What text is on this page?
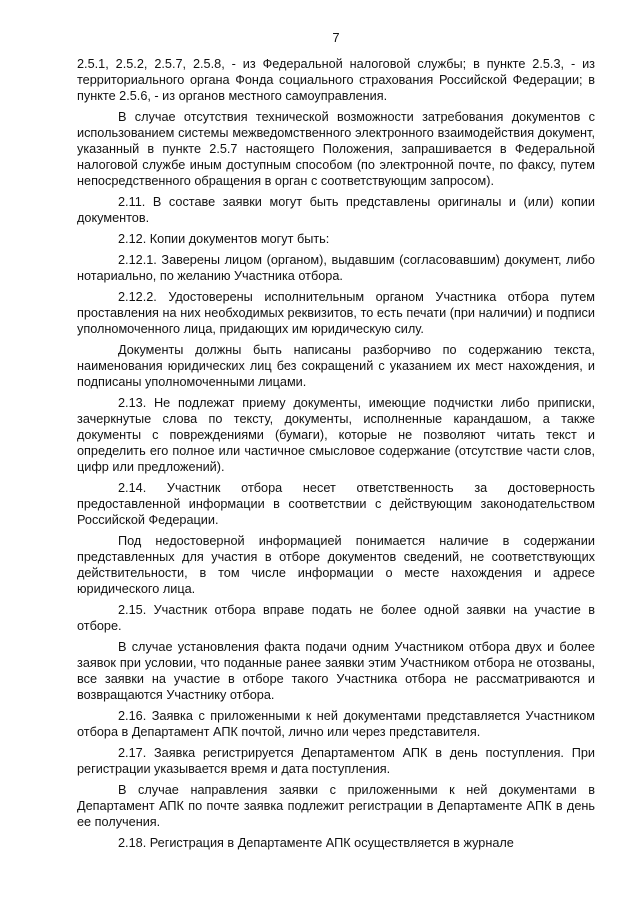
7

2.5.1, 2.5.2, 2.5.7, 2.5.8, - из Федеральной налоговой службы; в пункте 2.5.3, - из территориального органа Фонда социального страхования Российской Федерации; в пункте 2.5.6, - из органов местного самоуправления.

В случае отсутствия технической возможности затребования документов с использованием системы межведомственного электронного взаимодействия документ, указанный в пункте 2.5.7 настоящего Положения, запрашивается в Федеральной налоговой службе иным доступным способом (по электронной почте, по факсу, путем непосредственного обращения в орган с соответствующим запросом).

2.11. В составе заявки могут быть представлены оригиналы и (или) копии документов.

2.12. Копии документов могут быть:

2.12.1. Заверены лицом (органом), выдавшим (согласовавшим) документ, либо нотариально, по желанию Участника отбора.

2.12.2. Удостоверены исполнительным органом Участника отбора путем проставления на них необходимых реквизитов, то есть печати (при наличии) и подписи уполномоченного лица, придающих им юридическую силу.

Документы должны быть написаны разборчиво по содержанию текста, наименования юридических лиц без сокращений с указанием их мест нахождения, и подписаны уполномоченными лицами.

2.13. Не подлежат приему документы, имеющие подчистки либо приписки, зачеркнутые слова по тексту, документы, исполненные карандашом, а также документы с повреждениями (бумаги), которые не позволяют читать текст и определить его полное или частичное смысловое содержание (отсутствие части слов, цифр или предложений).

2.14. Участник отбора несет ответственность за достоверность предоставленной информации в соответствии с действующим законодательством Российской Федерации.

Под недостоверной информацией понимается наличие в содержании представленных для участия в отборе документов сведений, не соответствующих действительности, в том числе информации о месте нахождения и адресе юридического лица.

2.15. Участник отбора вправе подать не более одной заявки на участие в отборе.

В случае установления факта подачи одним Участником отбора двух и более заявок при условии, что поданные ранее заявки этим Участником отбора не отозваны, все заявки на участие в отборе такого Участника отбора не рассматриваются и возвращаются Участнику отбора.

2.16. Заявка с приложенными к ней документами представляется Участником отбора в Департамент АПК почтой, лично или через представителя.

2.17. Заявка регистрируется Департаментом АПК в день поступления. При регистрации указывается время и дата поступления.

В случае направления заявки с приложенными к ней документами в Департамент АПК по почте заявка подлежит регистрации в Департаменте АПК в день ее получения.

2.18. Регистрация в Департаменте АПК осуществляется в журнале
